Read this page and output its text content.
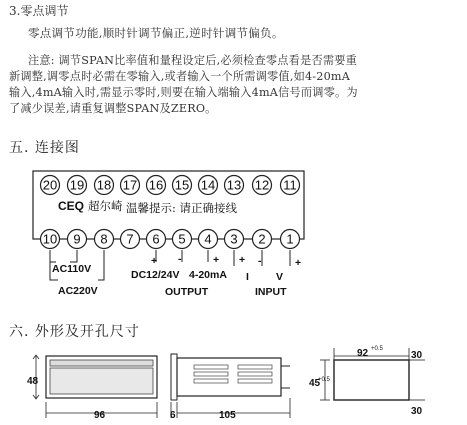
3.零点调节
零点调节功能,顺时针调节偏正,逆时针调节偏负。
注意: 调节SPAN比率值和量程设定后,必须检查零点看是否需要重
新调整,调零点时必需在零输入,或者输入一个所需调零值,如4-20mA
输入,4mA输入时,需显示零时,则要在输入端输入4mA信号而调零。为
了减少误差,请重复调整SPAN及ZERO。
五. 连接图
六. 外形及开孔尺寸
20 19 18 17 16 15 14 13 12 11
10 9 8 7 6 5 4 3 2 1
CEQ 超尔崎 温馨提示: 请正确接线
AC110V
AC220V
+ -	+
DC12/24V 4-20mA
OUTPUT
+ -	+
I	V
INPUT
48
96	6	105
92 +0.5
30
45
+0.5
30
